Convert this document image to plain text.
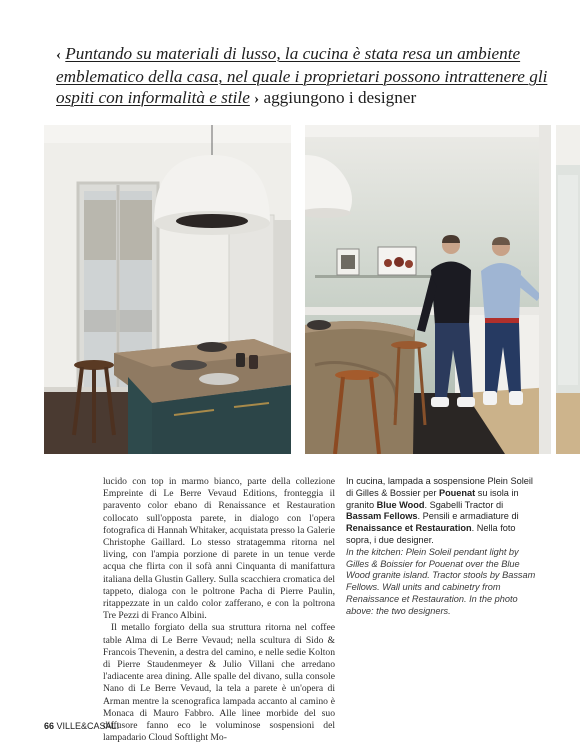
‹ Puntando su materiali di lusso, la cucina è stata resa un ambiente emblematico della casa, nel quale i proprietari possono intrattenere gli ospiti con informalità e stile › aggiungono i designer

lucido con top in marmo bianco, parte della collezione Empreinte di Le Berre Vevaud Editions, fronteggia il paravento color ebano di Renaissance et Restauration collocato sull'opposta parete, in dialogo con l'opera fotografica di Hannah Whitaker, acquistata presso la Galerie Christophe Gaillard. Lo stesso stratagemma ritorna nel living, con l'ampia porzione di parete in un tenue verde acqua che flirta con il sofà anni Cinquanta di manifattura italiana della Glustin Gallery. Sulla scacchiera cromatica del tappeto, dialoga con le poltrone Pacha di Pierre Paulin, ritappezzate in un caldo color zafferano, e con la poltrona Tre Pezzi di Franco Albini.

Il metallo forgiato della sua struttura ritorna nel coffee table Alma di Le Berre Vevaud; nella scultura di Sido & Francois Thevenin, a destra del camino, e nelle sedie Kolton di Pierre Staudenmeyer & Julio Villani che arredano l'adiacente area dining. Alle spalle del divano, sulla console Nano di Le Berre Vevaud, la tela a parete è un'opera di Arman mentre la scenografica lampada accanto al camino è Monaca di Mauro Fabbro. Alle linee morbide del suo diffusore fanno eco le voluminose sospensioni del lampadario Cloud Softlight Mo-

In cucina, lampada a sospensione Plein Soleil di Gilles & Bossier per Pouenat su isola in granito Blue Wood. Sgabelli Tractor di Bassam Fellows. Pensili e armadiature di Renaissance et Restauration. Nella foto sopra, i due designer.

In the kitchen: Plein Soleil pendant light by Gilles & Boissier for Pouenat over the Blue Wood granite island. Tractor stools by Bassam Fellows. Wall units and cabinetry from Renaissance et Restauration. In the photo above: the two designers.

66 VILLE&CASALI
